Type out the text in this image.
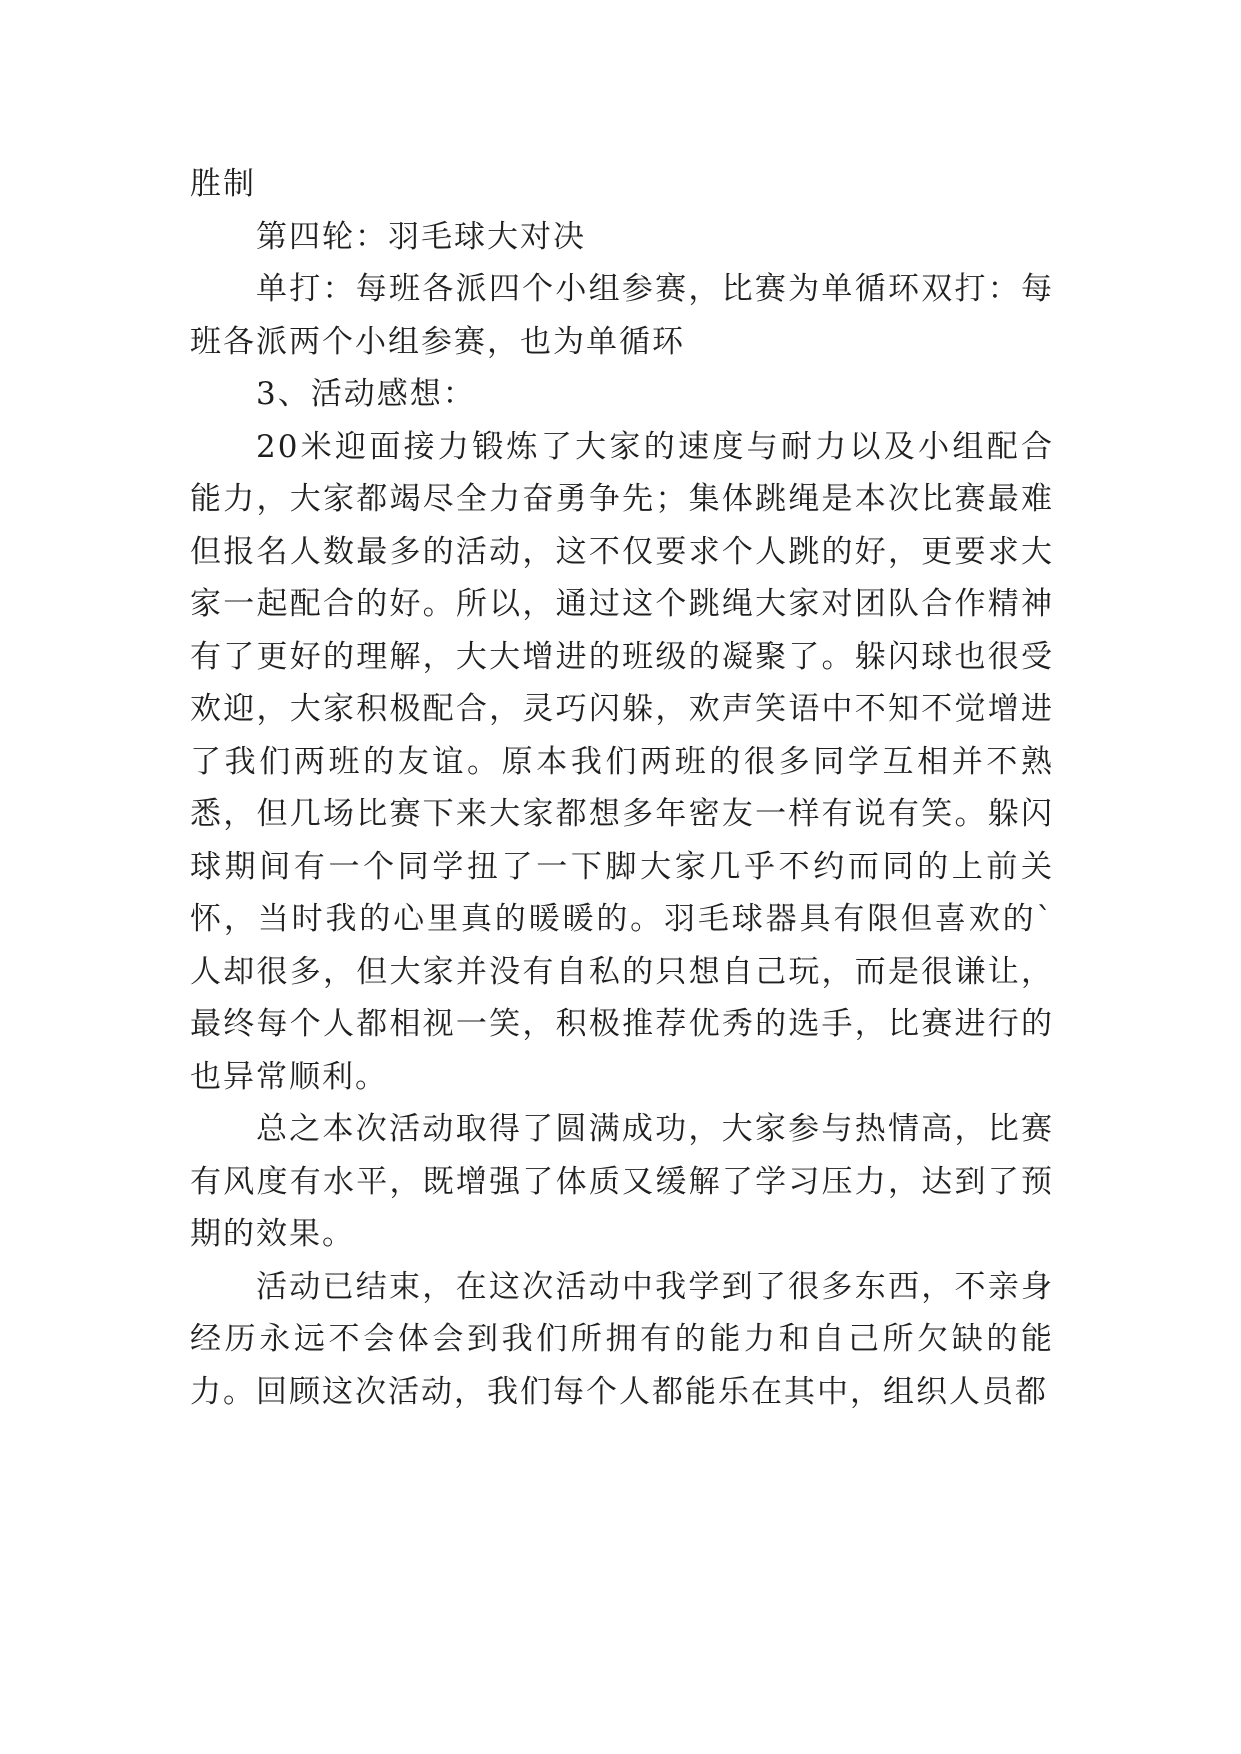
胜制

第四轮：羽毛球大对决

单打：每班各派四个小组参赛，比赛为单循环双打：每班各派两个小组参赛，也为单循环

3、活动感想：

20米迎面接力锻炼了大家的速度与耐力以及小组配合能力，大家都竭尽全力奋勇争先；集体跳绳是本次比赛最难但报名人数最多的活动，这不仅要求个人跳的好，更要求大家一起配合的好。所以，通过这个跳绳大家对团队合作精神有了更好的理解，大大增进的班级的凝聚了。躲闪球也很受欢迎，大家积极配合，灵巧闪躲，欢声笑语中不知不觉增进了我们两班的友谊。原本我们两班的很多同学互相并不熟悉，但几场比赛下来大家都想多年密友一样有说有笑。躲闪球期间有一个同学扭了一下脚大家几乎不约而同的上前关怀，当时我的心里真的暖暖的。羽毛球器具有限但喜欢的`人却很多，但大家并没有自私的只想自己玩，而是很谦让，最终每个人都相视一笑，积极推荐优秀的选手，比赛进行的也异常顺利。

总之本次活动取得了圆满成功，大家参与热情高，比赛有风度有水平，既增强了体质又缓解了学习压力，达到了预期的效果。

活动已结束，在这次活动中我学到了很多东西，不亲身经历永远不会体会到我们所拥有的能力和自己所欠缺的能力。回顾这次活动，我们每个人都能乐在其中，组织人员都
